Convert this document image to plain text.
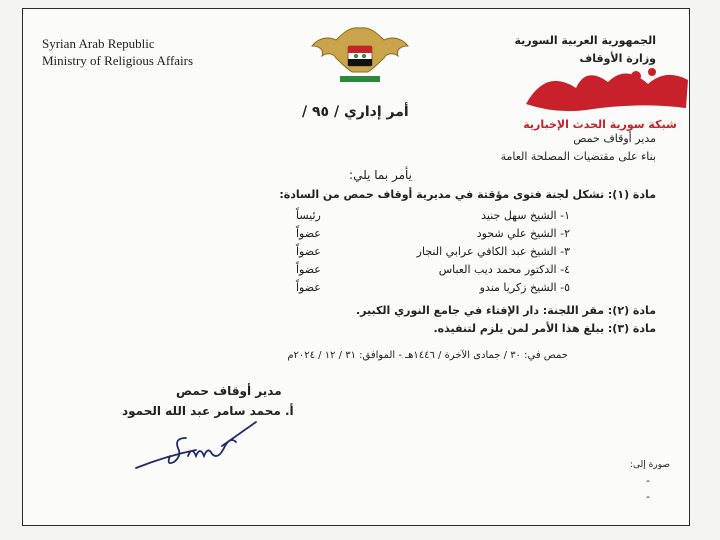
Syrian Arab Republic
Ministry of Religious Affairs
الجمهورية العربية السورية
وزارة الأوقاف
شبكة سورية الحدث الإخبارية
أمر إداري / ٩٥ /
مدير أوقاف حمص
بناء على مقتضيات المصلحة العامة
يأمر بما يلي:
مادة (١): تشكل لجنة فتوى مؤقتة في مديرية أوقاف حمص من السادة:
١- الشيخ سهل جنيد
رئيساً
٢- الشيخ علي شحود
عضواً
٣- الشيخ عبد الكافي عرابي النجار
عضواً
٤- الدكتور محمد ديب العباس
عضواً
٥- الشيخ زكريا مندو
عضواً
مادة (٢): مقر اللجنة: دار الإفتاء في جامع النوري الكبير.
مادة (٣): يبلغ هذا الأمر لمن يلزم لتنفيذه.
حمص في: ٣٠ / جمادى الآخرة / ١٤٤٦هـ - الموافق: ٣١ / ١٢ / ٢٠٢٤م
مدير أوقاف حمص
أ. محمد سامر عبد الله الحمود
صورة إلى:
-
-
